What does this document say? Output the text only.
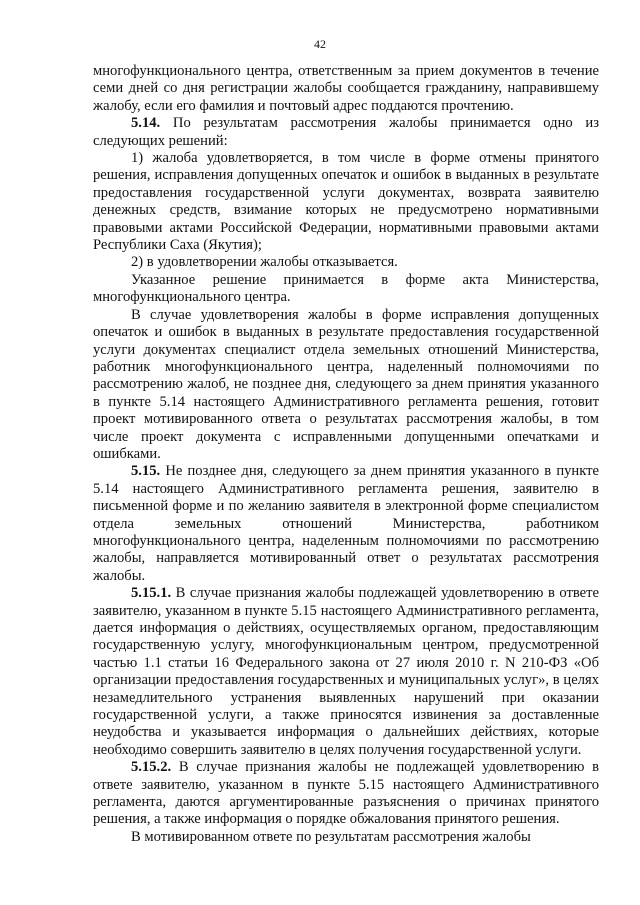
42

многофункционального центра, ответственным за прием документов в течение семи дней со дня регистрации жалобы сообщается гражданину, направившему жалобу, если его фамилия и почтовый адрес поддаются прочтению.

5.14. По результатам рассмотрения жалобы принимается одно из следующих решений:

1) жалоба удовлетворяется, в том числе в форме отмены принятого решения, исправления допущенных опечаток и ошибок в выданных в результате предоставления государственной услуги документах, возврата заявителю денежных средств, взимание которых не предусмотрено нормативными правовыми актами Российской Федерации, нормативными правовыми актами Республики Саха (Якутия);

2) в удовлетворении жалобы отказывается.

Указанное решение принимается в форме акта Министерства, многофункционального центра.

В случае удовлетворения жалобы в форме исправления допущенных опечаток и ошибок в выданных в результате предоставления государственной услуги документах специалист отдела земельных отношений Министерства, работник многофункционального центра, наделенный полномочиями по рассмотрению жалоб, не позднее дня, следующего за днем принятия указанного в пункте 5.14 настоящего Административного регламента решения, готовит проект мотивированного ответа о результатах рассмотрения жалобы, в том числе проект документа с исправленными допущенными опечатками и ошибками.

5.15. Не позднее дня, следующего за днем принятия указанного в пункте 5.14 настоящего Административного регламента решения, заявителю в письменной форме и по желанию заявителя в электронной форме специалистом отдела земельных отношений Министерства, работником многофункционального центра, наделенным полномочиями по рассмотрению жалобы, направляется мотивированный ответ о результатах рассмотрения жалобы.

5.15.1. В случае признания жалобы подлежащей удовлетворению в ответе заявителю, указанном в пункте 5.15 настоящего Административного регламента, дается информация о действиях, осуществляемых органом, предоставляющим государственную услугу, многофункциональным центром, предусмотренной частью 1.1 статьи 16 Федерального закона от 27 июля 2010 г. N 210-ФЗ «Об организации предоставления государственных и муниципальных услуг», в целях незамедлительного устранения выявленных нарушений при оказании государственной услуги, а также приносятся извинения за доставленные неудобства и указывается информация о дальнейших действиях, которые необходимо совершить заявителю в целях получения государственной услуги.

5.15.2. В случае признания жалобы не подлежащей удовлетворению в ответе заявителю, указанном в пункте 5.15 настоящего Административного регламента, даются аргументированные разъяснения о причинах принятого решения, а также информация о порядке обжалования принятого решения.

В мотивированном ответе по результатам рассмотрения жалобы
